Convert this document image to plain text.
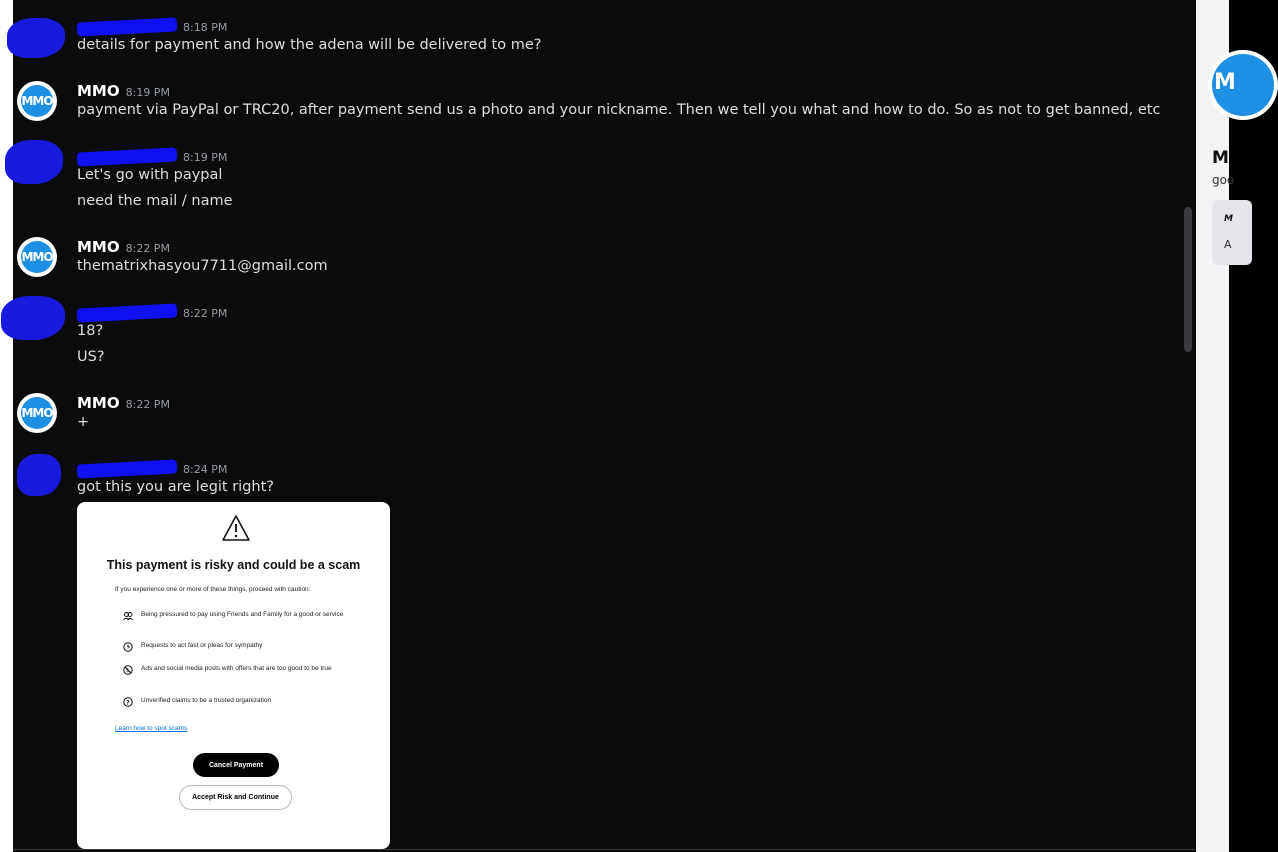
8:18 PM
details for payment and how the adena will be delivered to me?
MMO
MMO 8:19 PM
payment via PayPal or TRC20, after payment send us a photo and your nickname. Then we tell you what and how to do. So as not to get banned, etc
8:19 PM
Let's go with paypal
need the mail / name
MMO
MMO 8:22 PM
thematrixhasyou7711@gmail.com
8:22 PM
18?
US?
MMO
MMO 8:22 PM
+
8:24 PM
got this you are legit right?
This payment is risky and could be a scam
If you experience one or more of these things, proceed with caution:
Being pressured to pay using Friends and Family for a good or service
Requests to act fast or pleas for sympathy
$ Ads and social media posts with offers that are too good to be true
? Unverified claims to be a trusted organization
Learn how to spot scams
Cancel Payment
Accept Risk and Continue
M
M
goo
M
A
